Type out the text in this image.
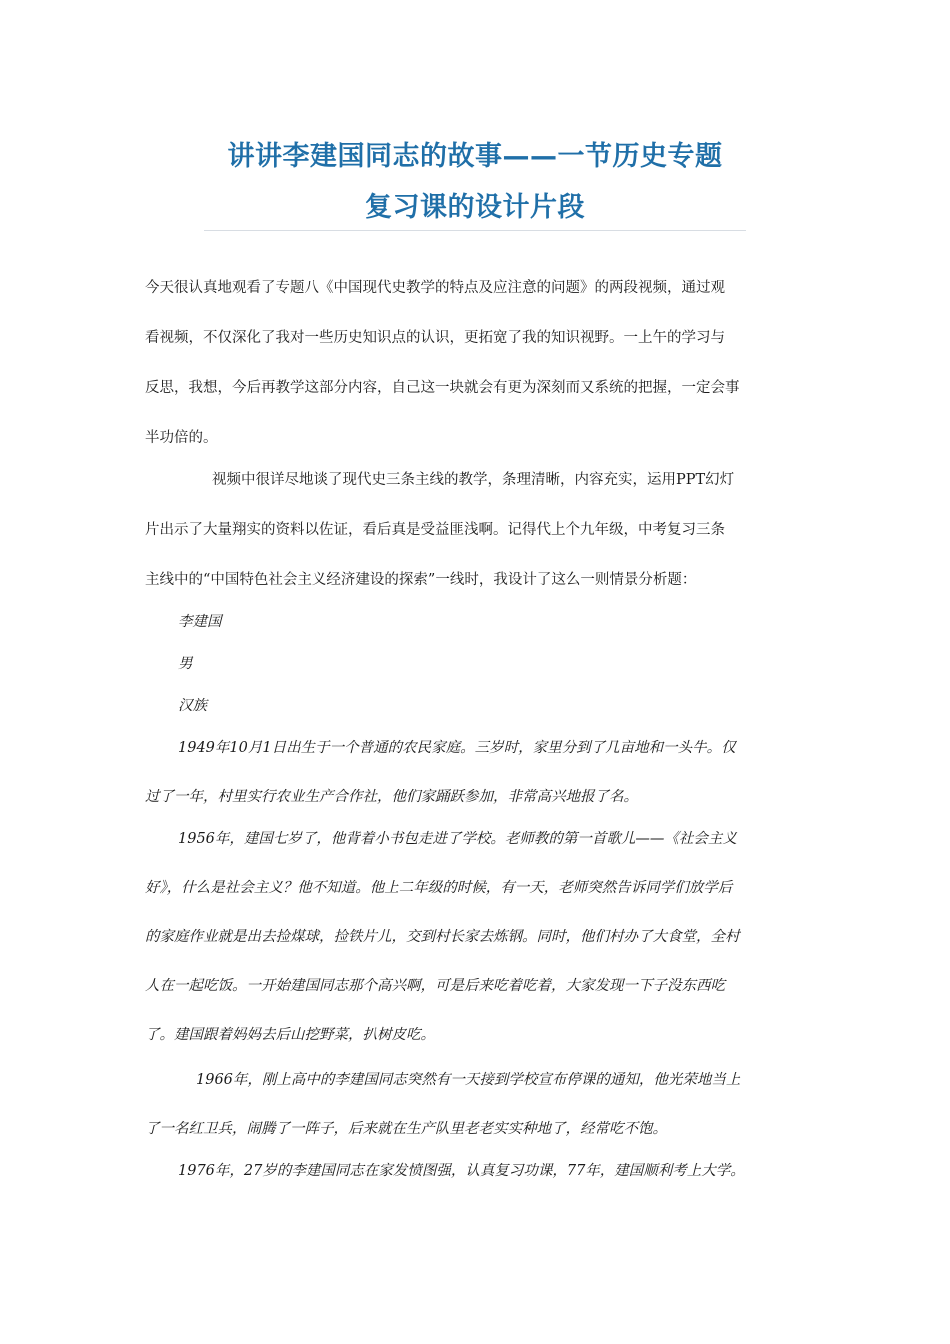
讲讲李建国同志的故事——一节历史专题
复习课的设计片段
今天很认真地观看了专题八《中国现代史教学的特点及应注意的问题》的两段视频，通过观
看视频，不仅深化了我对一些历史知识点的认识，更拓宽了我的知识视野。一上午的学习与
反思，我想，今后再教学这部分内容，自己这一块就会有更为深刻而又系统的把握，一定会事
半功倍的。
视频中很详尽地谈了现代史三条主线的教学，条理清晰，内容充实，运用PPT幻灯
片出示了大量翔实的资料以佐证，看后真是受益匪浅啊。记得代上个九年级，中考复习三条
主线中的“中国特色社会主义经济建设的探索”一线时，我设计了这么一则情景分析题：
李建国
男
汉族
1949年10月1日出生于一个普通的农民家庭。三岁时，家里分到了几亩地和一头牛。仅
过了一年，村里实行农业生产合作社，他们家踊跃参加，非常高兴地报了名。
1956年，建国七岁了，他背着小书包走进了学校。老师教的第一首歌儿——《社会主义
好》，什么是社会主义？他不知道。他上二年级的时候，有一天，老师突然告诉同学们放学后
的家庭作业就是出去捡煤球，捡铁片儿，交到村长家去炼钢。同时，他们村办了大食堂，全村
人在一起吃饭。一开始建国同志那个高兴啊，可是后来吃着吃着，大家发现一下子没东西吃
了。建国跟着妈妈去后山挖野菜，扒树皮吃。
1966年，刚上高中的李建国同志突然有一天接到学校宣布停课的通知，他光荣地当上
了一名红卫兵，闹腾了一阵子，后来就在生产队里老老实实种地了，经常吃不饱。
1976年，27岁的李建国同志在家发愤图强，认真复习功课，77年，建国顺利考上大学。
